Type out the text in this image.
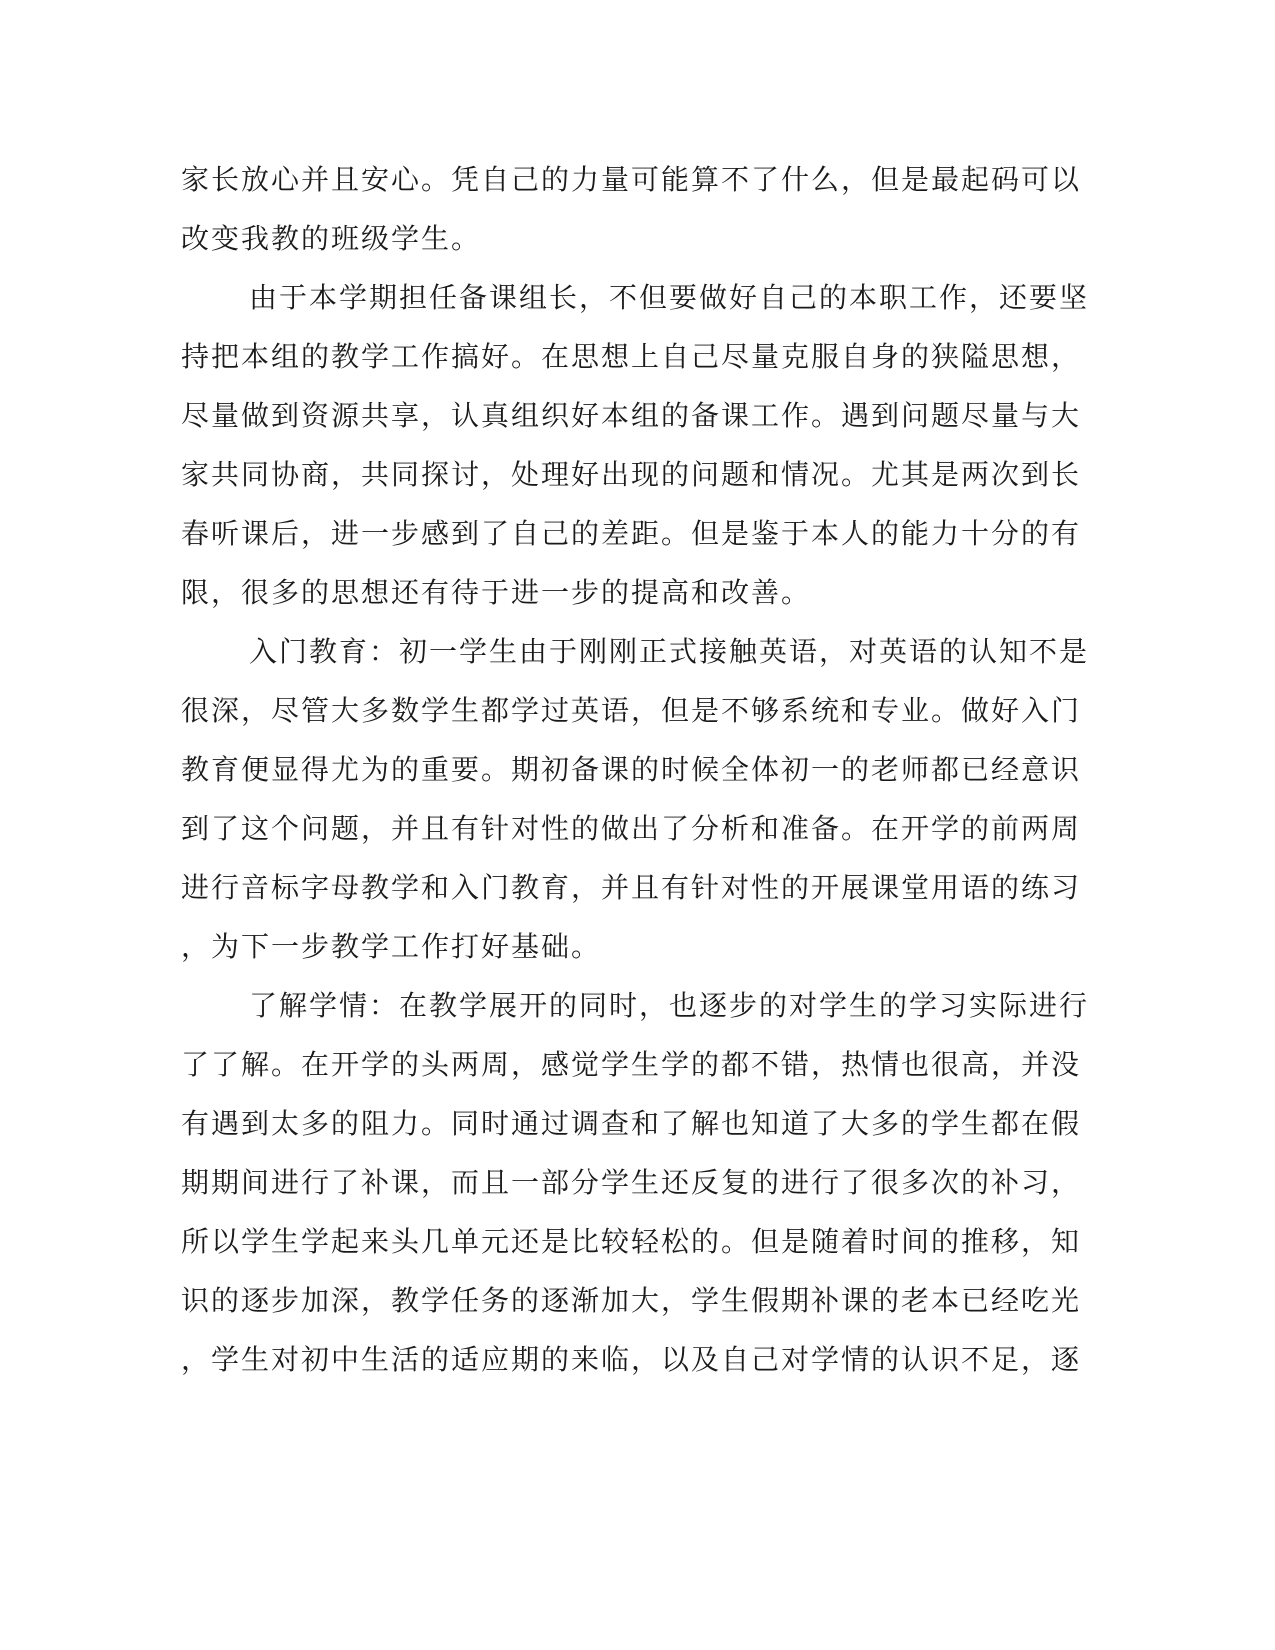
家长放心并且安心。凭自己的力量可能算不了什么，但是最起码可以
改变我教的班级学生。
由于本学期担任备课组长，不但要做好自己的本职工作，还要坚
持把本组的教学工作搞好。在思想上自己尽量克服自身的狭隘思想，
尽量做到资源共享，认真组织好本组的备课工作。遇到问题尽量与大
家共同协商，共同探讨，处理好出现的问题和情况。尤其是两次到长
春听课后，进一步感到了自己的差距。但是鉴于本人的能力十分的有
限，很多的思想还有待于进一步的提高和改善。
入门教育：初一学生由于刚刚正式接触英语，对英语的认知不是
很深，尽管大多数学生都学过英语，但是不够系统和专业。做好入门
教育便显得尤为的重要。期初备课的时候全体初一的老师都已经意识
到了这个问题，并且有针对性的做出了分析和准备。在开学的前两周
进行音标字母教学和入门教育，并且有针对性的开展课堂用语的练习
，为下一步教学工作打好基础。
了解学情：在教学展开的同时，也逐步的对学生的学习实际进行
了了解。在开学的头两周，感觉学生学的都不错，热情也很高，并没
有遇到太多的阻力。同时通过调查和了解也知道了大多的学生都在假
期期间进行了补课，而且一部分学生还反复的进行了很多次的补习，
所以学生学起来头几单元还是比较轻松的。但是随着时间的推移，知
识的逐步加深，教学任务的逐渐加大，学生假期补课的老本已经吃光
，学生对初中生活的适应期的来临，以及自己对学情的认识不足，逐
